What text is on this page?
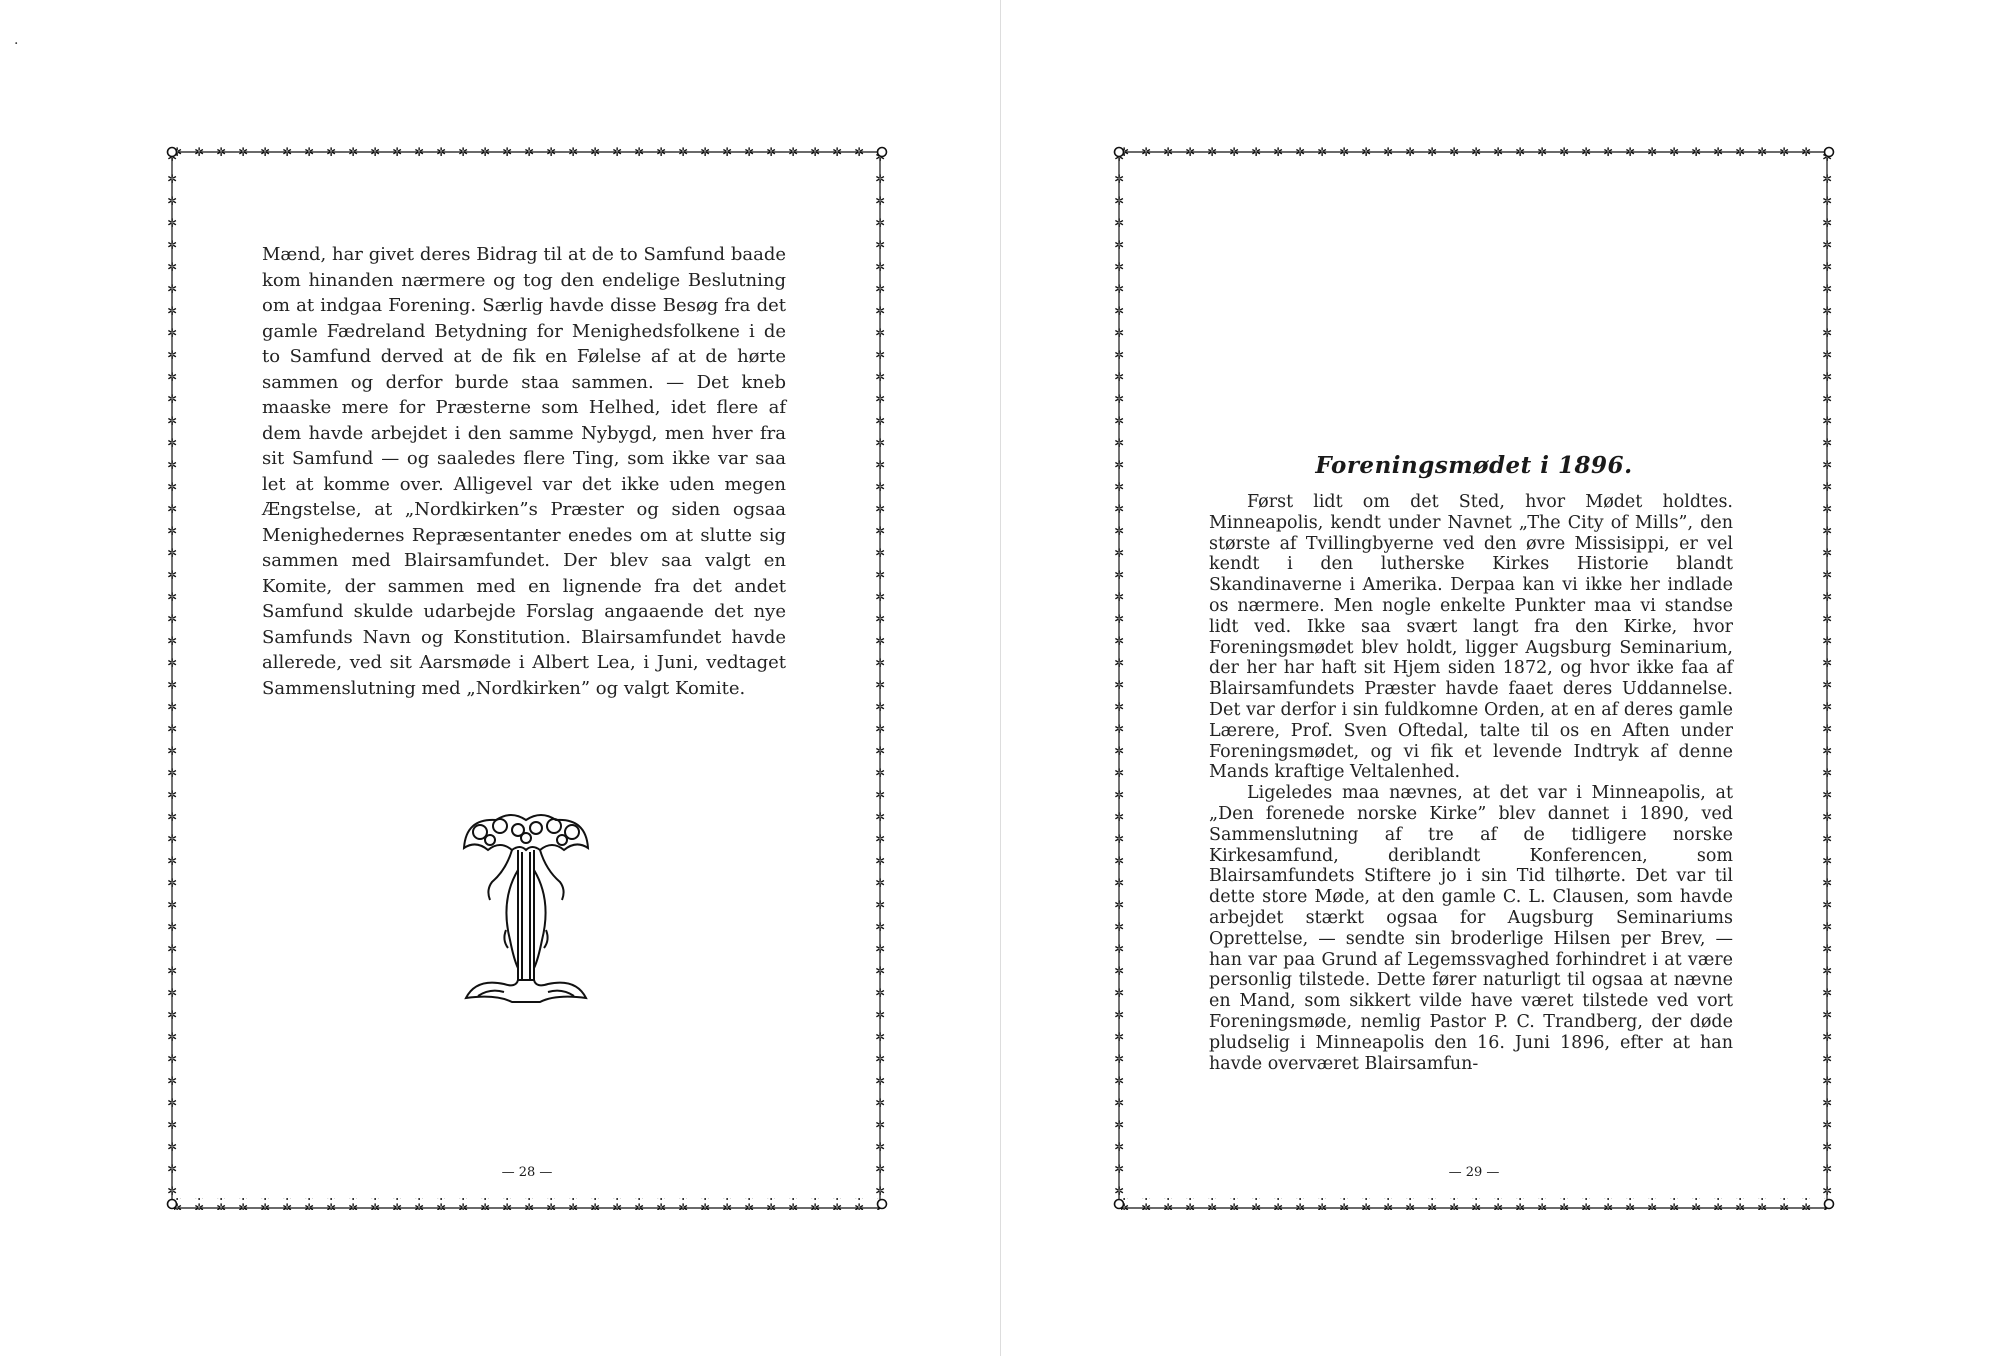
·

Mænd, har givet deres Bidrag til at de to Samfund baade kom hinanden nærmere og tog den endelige Beslutning om at indgaa Forening. Særlig havde disse Besøg fra det gamle Fædreland Betydning for Menighedsfolkene i de to Samfund derved at de fik en Følelse af at de hørte sammen og derfor burde staa sammen. — Det kneb maaske mere for Præsterne som Helhed, idet flere af dem havde arbejdet i den samme Nybygd, men hver fra sit Samfund — og saaledes flere Ting, som ikke var saa let at komme over. Alligevel var det ikke uden megen Ængstelse, at „Nordkirken”s Præster og siden ogsaa Menighedernes Repræsentanter enedes om at slutte sig sammen med Blairsamfundet. Der blev saa valgt en Komite, der sammen med en lignende fra det andet Samfund skulde udarbejde Forslag angaaende det nye Samfunds Navn og Konstitution. Blairsamfundet havde allerede, ved sit Aarsmøde i Albert Lea, i Juni, vedtaget Sammenslutning med „Nordkirken” og valgt Komite.

— 28 —

Foreningsmødet i 1896.

Først lidt om det Sted, hvor Mødet holdtes. Minneapolis, kendt under Navnet „The City of Mills”, den største af Tvillingbyerne ved den øvre Missisippi, er vel kendt i den lutherske Kirkes Historie blandt Skandinaverne i Amerika. Derpaa kan vi ikke her indlade os nærmere. Men nogle enkelte Punkter maa vi standse lidt ved. Ikke saa svært langt fra den Kirke, hvor Foreningsmødet blev holdt, ligger Augsburg Seminarium, der her har haft sit Hjem siden 1872, og hvor ikke faa af Blairsamfundets Præster havde faaet deres Uddannelse. Det var derfor i sin fuldkomne Orden, at en af deres gamle Lærere, Prof. Sven Oftedal, talte til os en Aften under Foreningsmødet, og vi fik et levende Indtryk af denne Mands kraftige Veltalenhed.

Ligeledes maa nævnes, at det var i Minneapolis, at „Den forenede norske Kirke” blev dannet i 1890, ved Sammenslutning af tre af de tidligere norske Kirkesamfund, deriblandt Konferencen, som Blairsamfundets Stiftere jo i sin Tid tilhørte. Det var til dette store Møde, at den gamle C. L. Clausen, som havde arbejdet stærkt ogsaa for Augsburg Seminariums Oprettelse, — sendte sin broderlige Hilsen per Brev, — han var paa Grund af Legemssvaghed forhindret i at være personlig tilstede. Dette fører naturligt til ogsaa at nævne en Mand, som sikkert vilde have været tilstede ved vort Foreningsmøde, nemlig Pastor P. C. Trandberg, der døde pludselig i Minneapolis den 16. Juni 1896, efter at han havde overværet Blairsamfun-

— 29 —
